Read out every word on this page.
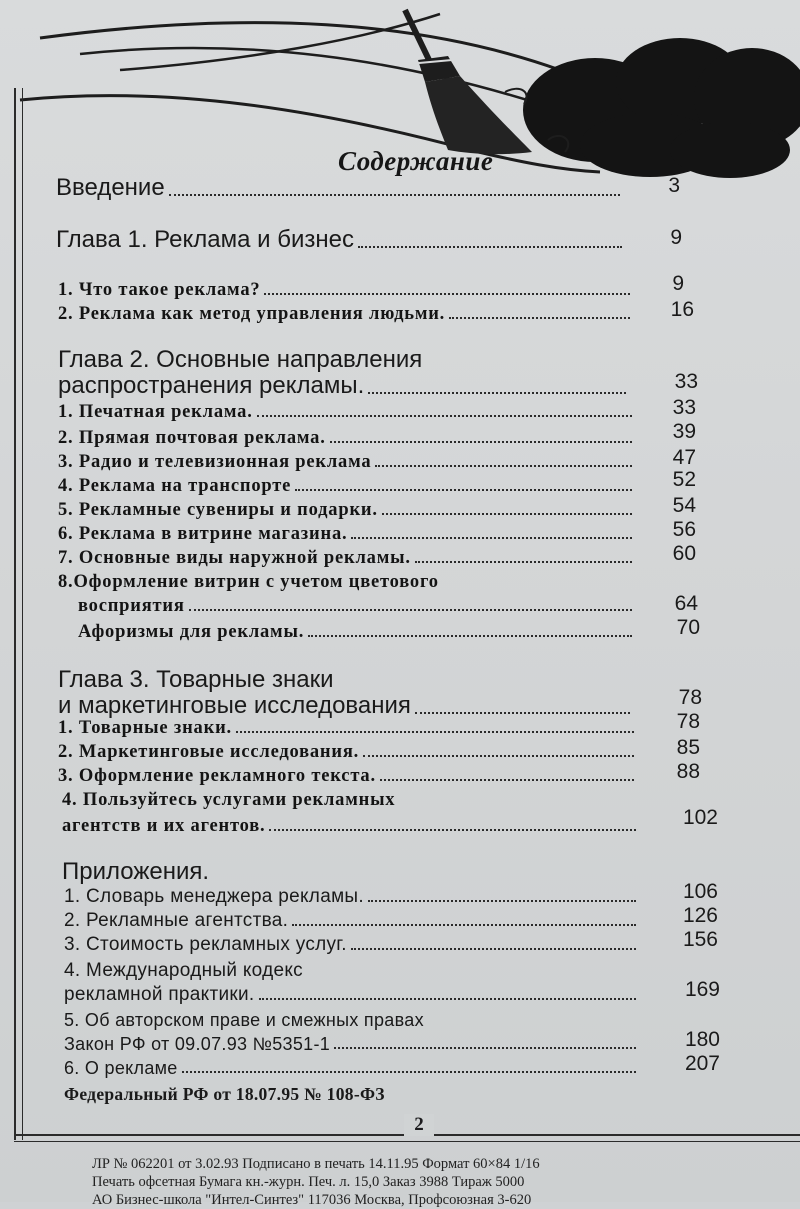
Содержание
Введение	3
Глава 1. Реклама и бизнес	9
1. Что такое реклама?	9
2. Реклама как метод управления людьми.	16
Глава 2. Основные направления
распространения рекламы.	33
1. Печатная реклама.	33
2. Прямая почтовая реклама.	39
3. Радио и телевизионная реклама	47
4. Реклама на транспорте	52
5. Рекламные сувениры и подарки.	54
6. Реклама в витрине магазина.	56
7. Основные виды наружной рекламы.	60
8.Оформление витрин с учетом цветового
восприятия	64
Афоризмы для рекламы.	70
Глава 3. Товарные знаки
и маркетинговые исследования	78
1. Товарные знаки.	78
2. Маркетинговые исследования.	85
3. Оформление рекламного текста.	88
4. Пользуйтесь услугами рекламных
агентств и их агентов.	102
Приложения.
1. Словарь менеджера рекламы.	106
2. Рекламные агентства.	126
3. Стоимость рекламных услуг.	156
4. Международный кодекс
рекламной практики.	169
5. Об авторском праве и смежных правах
Закон РФ от 09.07.93 №5351-1	180
6. О рекламе	207
Федеральный РФ от 18.07.95 № 108-ФЗ
2
ЛР № 062201 от 3.02.93 Подписано в печать 14.11.95 Формат 60×84 1/16
Печать офсетная Бумага кн.-журн. Печ. л. 15,0 Заказ 3988 Тираж 5000
АО Бизнес-школа "Интел-Синтез" 117036 Москва, Профсоюзная 3-620
